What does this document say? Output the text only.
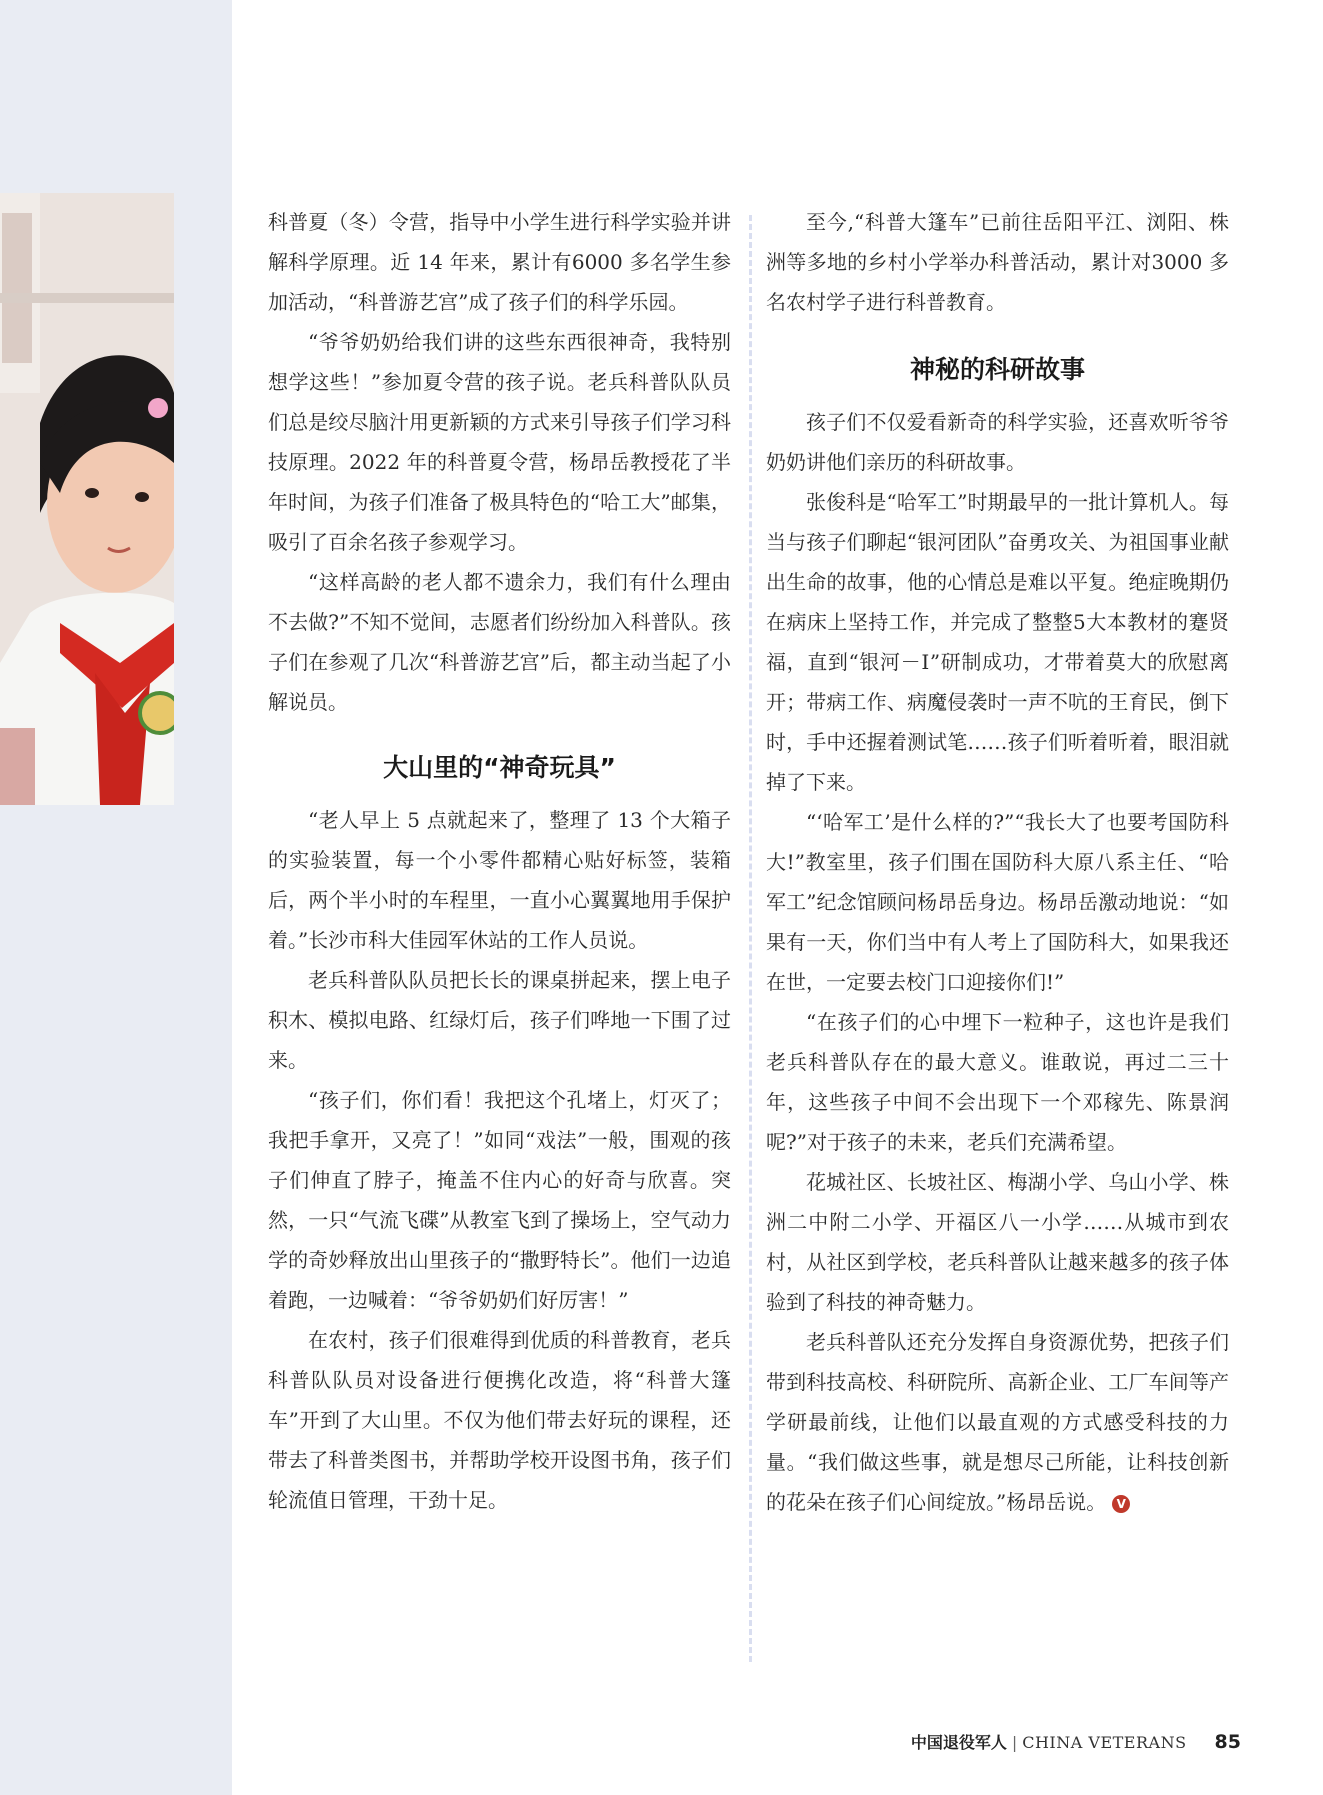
科普夏（冬）令营，指导中小学生进行科学实验并讲解科学原理。近 14 年来，累计有6000 多名学生参加活动，“科普游艺宫”成了孩子们的科学乐园。

“爷爷奶奶给我们讲的这些东西很神奇，我特别想学这些！”参加夏令营的孩子说。老兵科普队队员们总是绞尽脑汁用更新颖的方式来引导孩子们学习科技原理。2022 年的科普夏令营，杨昂岳教授花了半年时间，为孩子们准备了极具特色的“哈工大”邮集，吸引了百余名孩子参观学习。

“这样高龄的老人都不遗余力，我们有什么理由不去做?”不知不觉间，志愿者们纷纷加入科普队。孩子们在参观了几次“科普游艺宫”后，都主动当起了小解说员。

大山里的“神奇玩具”

“老人早上 5 点就起来了，整理了 13 个大箱子的实验装置，每一个小零件都精心贴好标签，装箱后，两个半小时的车程里，一直小心翼翼地用手保护着。”长沙市科大佳园军休站的工作人员说。

老兵科普队队员把长长的课桌拼起来，摆上电子积木、模拟电路、红绿灯后，孩子们哗地一下围了过来。

“孩子们，你们看！我把这个孔堵上，灯灭了；我把手拿开，又亮了！”如同“戏法”一般，围观的孩子们伸直了脖子，掩盖不住内心的好奇与欣喜。突然，一只“气流飞碟”从教室飞到了操场上，空气动力学的奇妙释放出山里孩子的“撒野特长”。他们一边追着跑，一边喊着：“爷爷奶奶们好厉害！”

在农村，孩子们很难得到优质的科普教育，老兵科普队队员对设备进行便携化改造，将“科普大篷车”开到了大山里。不仅为他们带去好玩的课程，还带去了科普类图书，并帮助学校开设图书角，孩子们轮流值日管理，干劲十足。

至今,“科普大篷车”已前往岳阳平江、浏阳、株洲等多地的乡村小学举办科普活动，累计对3000 多名农村学子进行科普教育。

神秘的科研故事

孩子们不仅爱看新奇的科学实验，还喜欢听爷爷奶奶讲他们亲历的科研故事。

张俊科是“哈军工”时期最早的一批计算机人。每当与孩子们聊起“银河团队”奋勇攻关、为祖国事业献出生命的故事，他的心情总是难以平复。绝症晚期仍在病床上坚持工作，并完成了整整5大本教材的蹇贤福，直到“银河－Ⅰ”研制成功，才带着莫大的欣慰离开；带病工作、病魔侵袭时一声不吭的王育民，倒下时，手中还握着测试笔……孩子们听着听着，眼泪就掉了下来。

“‘哈军工’是什么样的?”“我长大了也要考国防科大!”教室里，孩子们围在国防科大原八系主任、“哈军工”纪念馆顾问杨昂岳身边。杨昂岳激动地说：“如果有一天，你们当中有人考上了国防科大，如果我还在世，一定要去校门口迎接你们!”

“在孩子们的心中埋下一粒种子，这也许是我们老兵科普队存在的最大意义。谁敢说，再过二三十年，这些孩子中间不会出现下一个邓稼先、陈景润呢?”对于孩子的未来，老兵们充满希望。

花城社区、长坡社区、梅湖小学、乌山小学、株洲二中附二小学、开福区八一小学……从城市到农村，从社区到学校，老兵科普队让越来越多的孩子体验到了科技的神奇魅力。

老兵科普队还充分发挥自身资源优势，把孩子们带到科技高校、科研院所、高新企业、工厂车间等产学研最前线，让他们以最直观的方式感受科技的力量。“我们做这些事，就是想尽己所能，让科技创新的花朵在孩子们心间绽放。”杨昂岳说。 V

中国退役军人 | CHINA VETERANS 85
